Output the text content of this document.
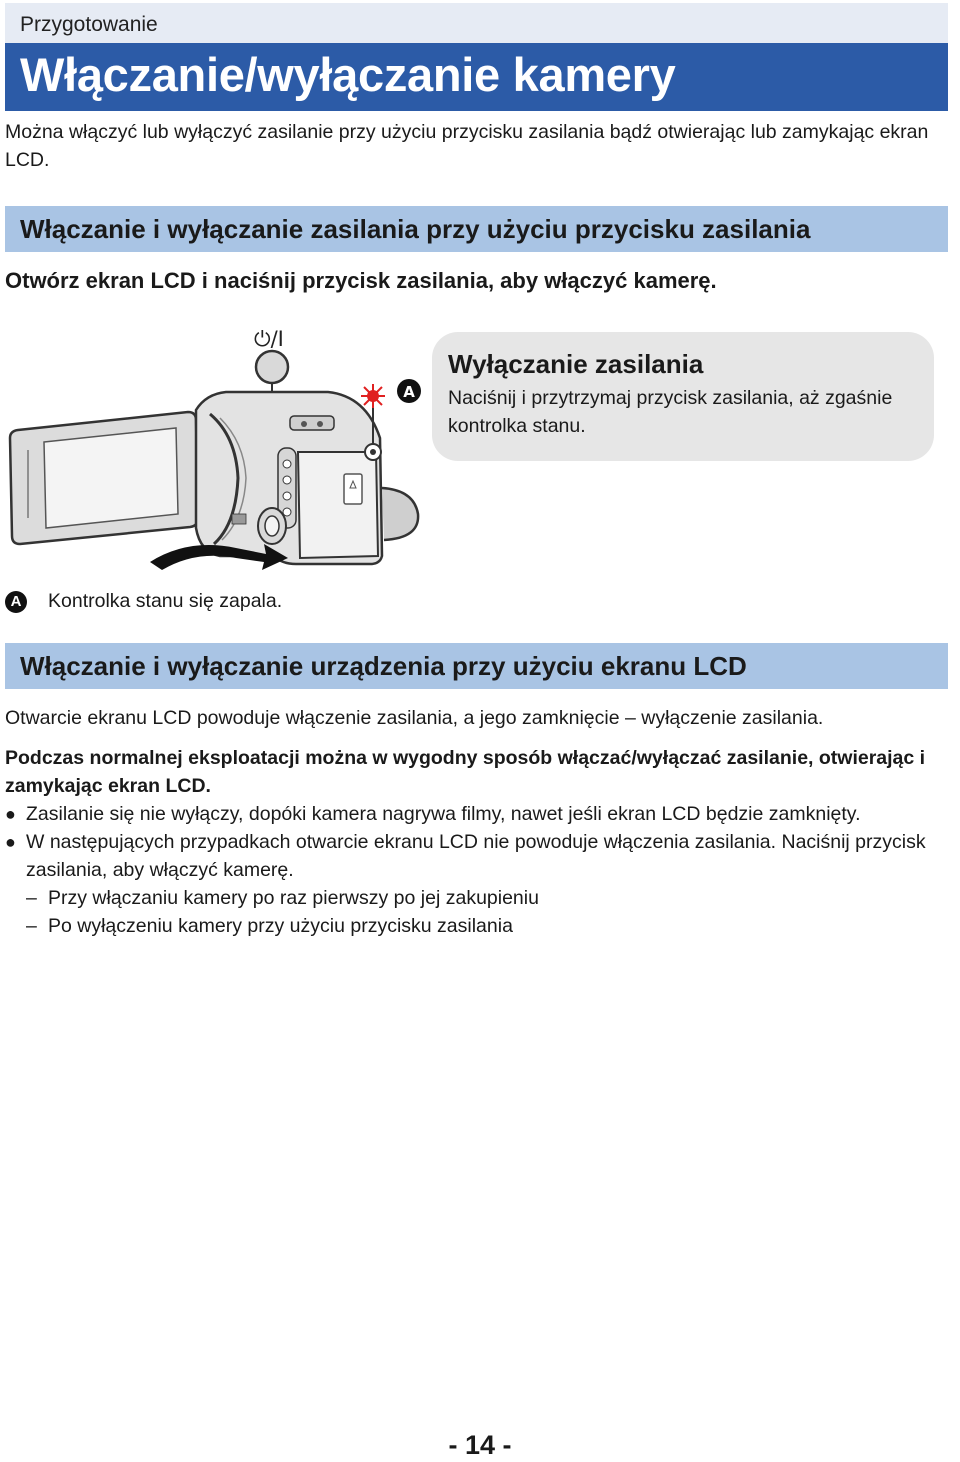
Przygotowanie
Włączanie/wyłączanie kamery
Można włączyć lub wyłączyć zasilanie przy użyciu przycisku zasilania bądź otwierając lub zamykając ekran LCD.
Włączanie i wyłączanie zasilania przy użyciu przycisku zasilania
Otwórz ekran LCD i naciśnij przycisk zasilania, aby włączyć kamerę.
⏻/I
A
Wyłączanie zasilania
Naciśnij i przytrzymaj przycisk zasilania, aż zgaśnie kontrolka stanu.
A Kontrolka stanu się zapala.
Włączanie i wyłączanie urządzenia przy użyciu ekranu LCD
Otwarcie ekranu LCD powoduje włączenie zasilania, a jego zamknięcie – wyłączenie zasilania.
Podczas normalnej eksploatacji można w wygodny sposób włączać/wyłączać zasilanie, otwierając i zamykając ekran LCD.
● Zasilanie się nie wyłączy, dopóki kamera nagrywa filmy, nawet jeśli ekran LCD będzie zamknięty.
● W następujących przypadkach otwarcie ekranu LCD nie powoduje włączenia zasilania. Naciśnij przycisk zasilania, aby włączyć kamerę.
– Przy włączaniu kamery po raz pierwszy po jej zakupieniu
– Po wyłączeniu kamery przy użyciu przycisku zasilania
- 14 -
